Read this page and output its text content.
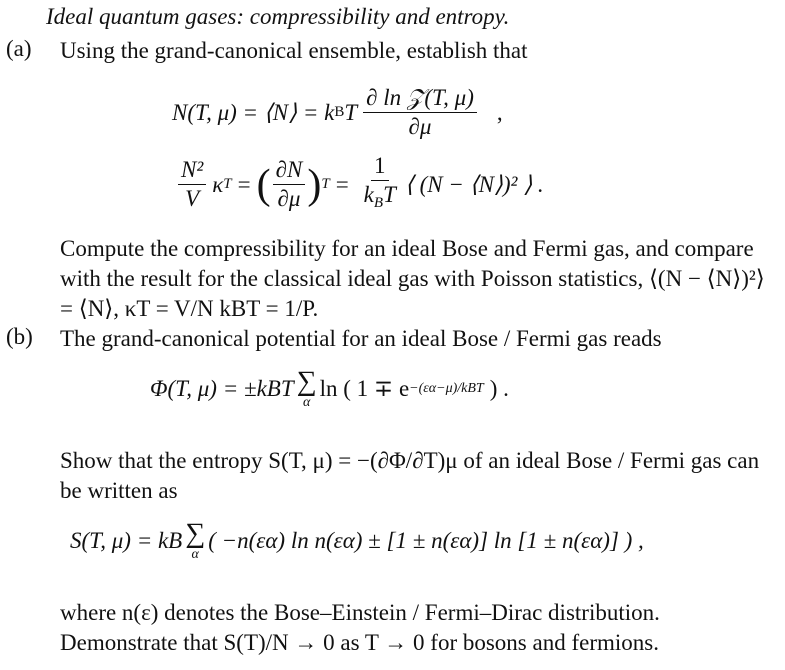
Ideal quantum gases: compressibility and entropy.
(a) Using the grand-canonical ensemble, establish that
N(T, μ) = ⟨N⟩ = k B T $\frac{\text{∂ ln 𝒵(T, μ)}}{\partial\mu}$ ,
$\frac{\text{N²}}{V}$ κ T = ( $\frac{\partial N}{\partial\mu}$ ) $T = \frac{1}{k_BT}$ ⟨ (N − ⟨N⟩)² ⟩ .
Compute the compressibility for an ideal Bose and Fermi gas, and compare with the result for the classical ideal gas with Poisson statistics, ⟨(N − ⟨N⟩)²⟩ = ⟨N⟩, κT = V/N kBT = 1/P.
(b) The grand-canonical potential for an ideal Bose / Fermi gas reads
Φ(T, μ) = ±kBT ∑
α
ln ( 1 ∓ e −(εα−μ)/kBT ) .
Show that the entropy S(T, μ) = −(∂Φ/∂T)μ of an ideal Bose / Fermi gas can be written as
S(T, μ) = kB ∑
α
( −n(εα) ln n(εα) ± [1 ± n(εα)] ln [1 ± n(εα)] ) ,
where n(ε) denotes the Bose–Einstein / Fermi–Dirac distribution. Demonstrate that S(T)/N → 0 as T → 0 for bosons and fermions.
